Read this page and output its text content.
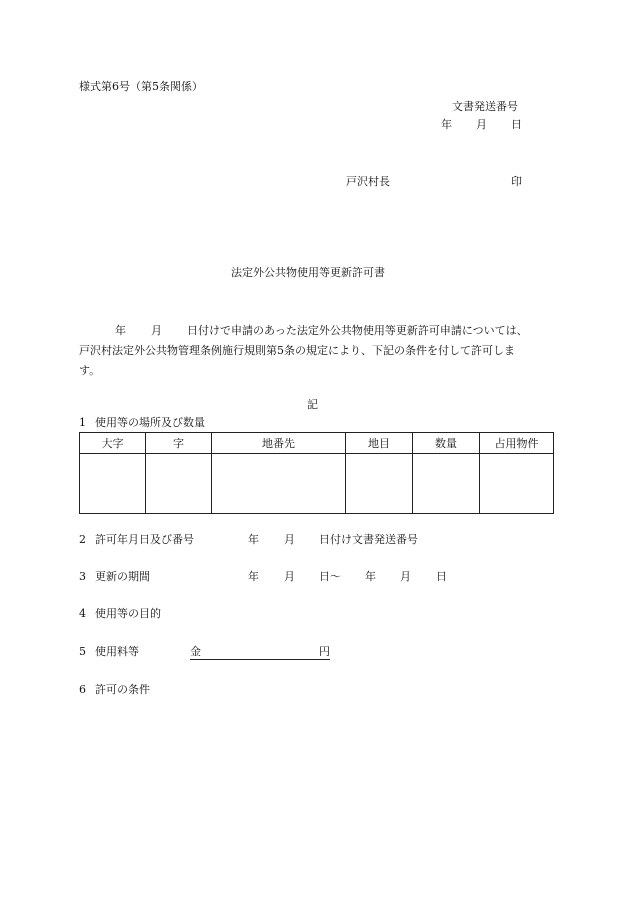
様式第6号（第5条関係）
文書発送番号
年 月 日
戸沢村長	印
法定外公共物使用等更新許可書
年 月 日付けで申請のあった法定外公共物使用等更新許可申請については、
戸沢村法定外公共物管理条例施行規則第5条の規定により、下記の条件を付して許可しま
す。
記
1 使用等の場所及び数量
大字	字	地番先	地目	数量	占用物件

2 許可年月日及び番号	年 月 日付け文書発送番号
3 更新の期間	年 月 日～ 年 月 日
4 使用等の目的
5 使用料等	金	円
6 許可の条件
